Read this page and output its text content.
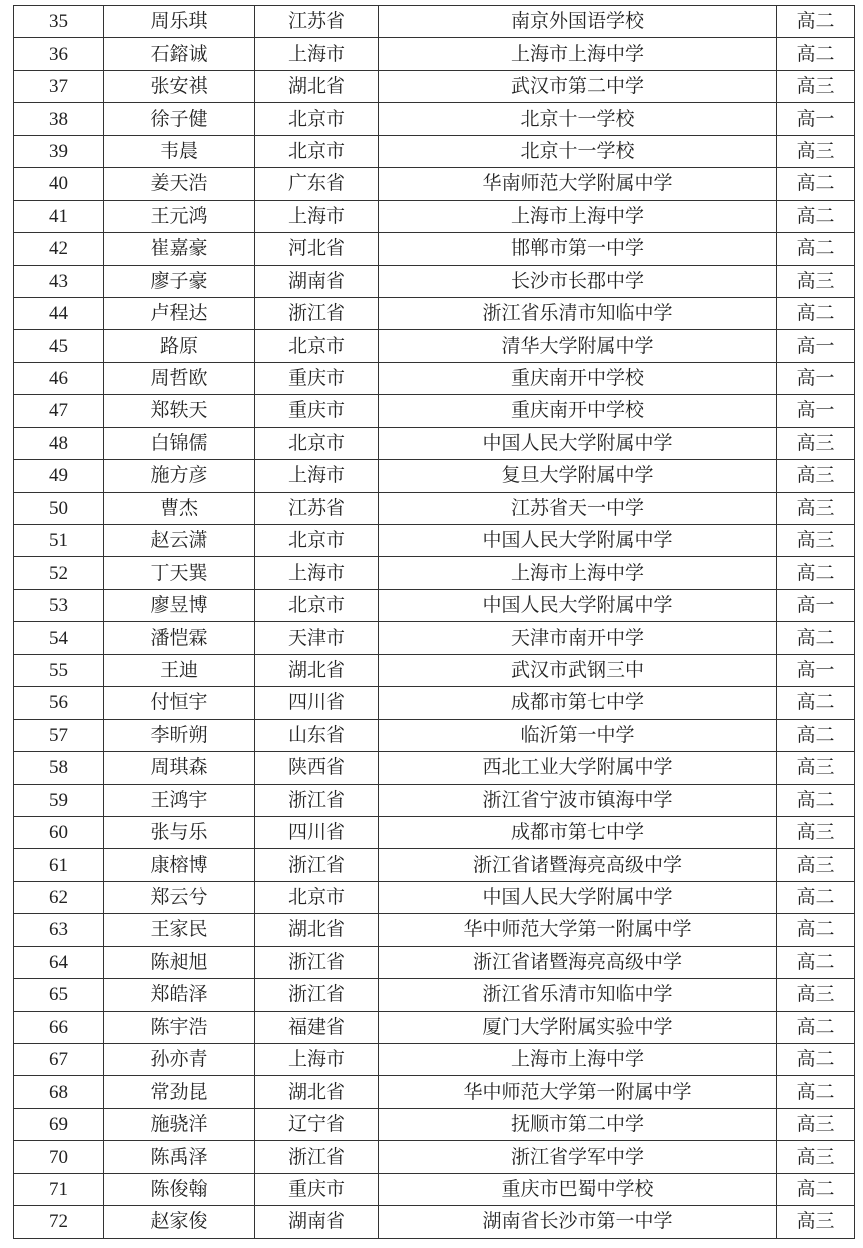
35	周乐琪	江苏省	南京外国语学校	高二
36	石鎔诚	上海市	上海市上海中学	高二
37	张安祺	湖北省	武汉市第二中学	高三
38	徐子健	北京市	北京十一学校	高一
39	韦晨	北京市	北京十一学校	高三
40	姜天浩	广东省	华南师范大学附属中学	高二
41	王元鸿	上海市	上海市上海中学	高二
42	崔嘉豪	河北省	邯郸市第一中学	高二
43	廖子豪	湖南省	长沙市长郡中学	高三
44	卢程达	浙江省	浙江省乐清市知临中学	高二
45	路原	北京市	清华大学附属中学	高一
46	周哲欧	重庆市	重庆南开中学校	高一
47	郑轶天	重庆市	重庆南开中学校	高一
48	白锦儒	北京市	中国人民大学附属中学	高三
49	施方彦	上海市	复旦大学附属中学	高三
50	曹杰	江苏省	江苏省天一中学	高三
51	赵云潇	北京市	中国人民大学附属中学	高三
52	丁天巽	上海市	上海市上海中学	高二
53	廖昱博	北京市	中国人民大学附属中学	高一
54	潘恺霖	天津市	天津市南开中学	高二
55	王迪	湖北省	武汉市武钢三中	高一
56	付恒宇	四川省	成都市第七中学	高二
57	李昕朔	山东省	临沂第一中学	高二
58	周琪森	陕西省	西北工业大学附属中学	高三
59	王鸿宇	浙江省	浙江省宁波市镇海中学	高二
60	张与乐	四川省	成都市第七中学	高三
61	康榕博	浙江省	浙江省诸暨海亮高级中学	高三
62	郑云兮	北京市	中国人民大学附属中学	高二
63	王家民	湖北省	华中师范大学第一附属中学	高二
64	陈昶旭	浙江省	浙江省诸暨海亮高级中学	高二
65	郑皓泽	浙江省	浙江省乐清市知临中学	高三
66	陈宇浩	福建省	厦门大学附属实验中学	高二
67	孙亦青	上海市	上海市上海中学	高二
68	常劲昆	湖北省	华中师范大学第一附属中学	高二
69	施骁洋	辽宁省	抚顺市第二中学	高三
70	陈禹泽	浙江省	浙江省学军中学	高三
71	陈俊翰	重庆市	重庆市巴蜀中学校	高二
72	赵家俊	湖南省	湖南省长沙市第一中学	高三
